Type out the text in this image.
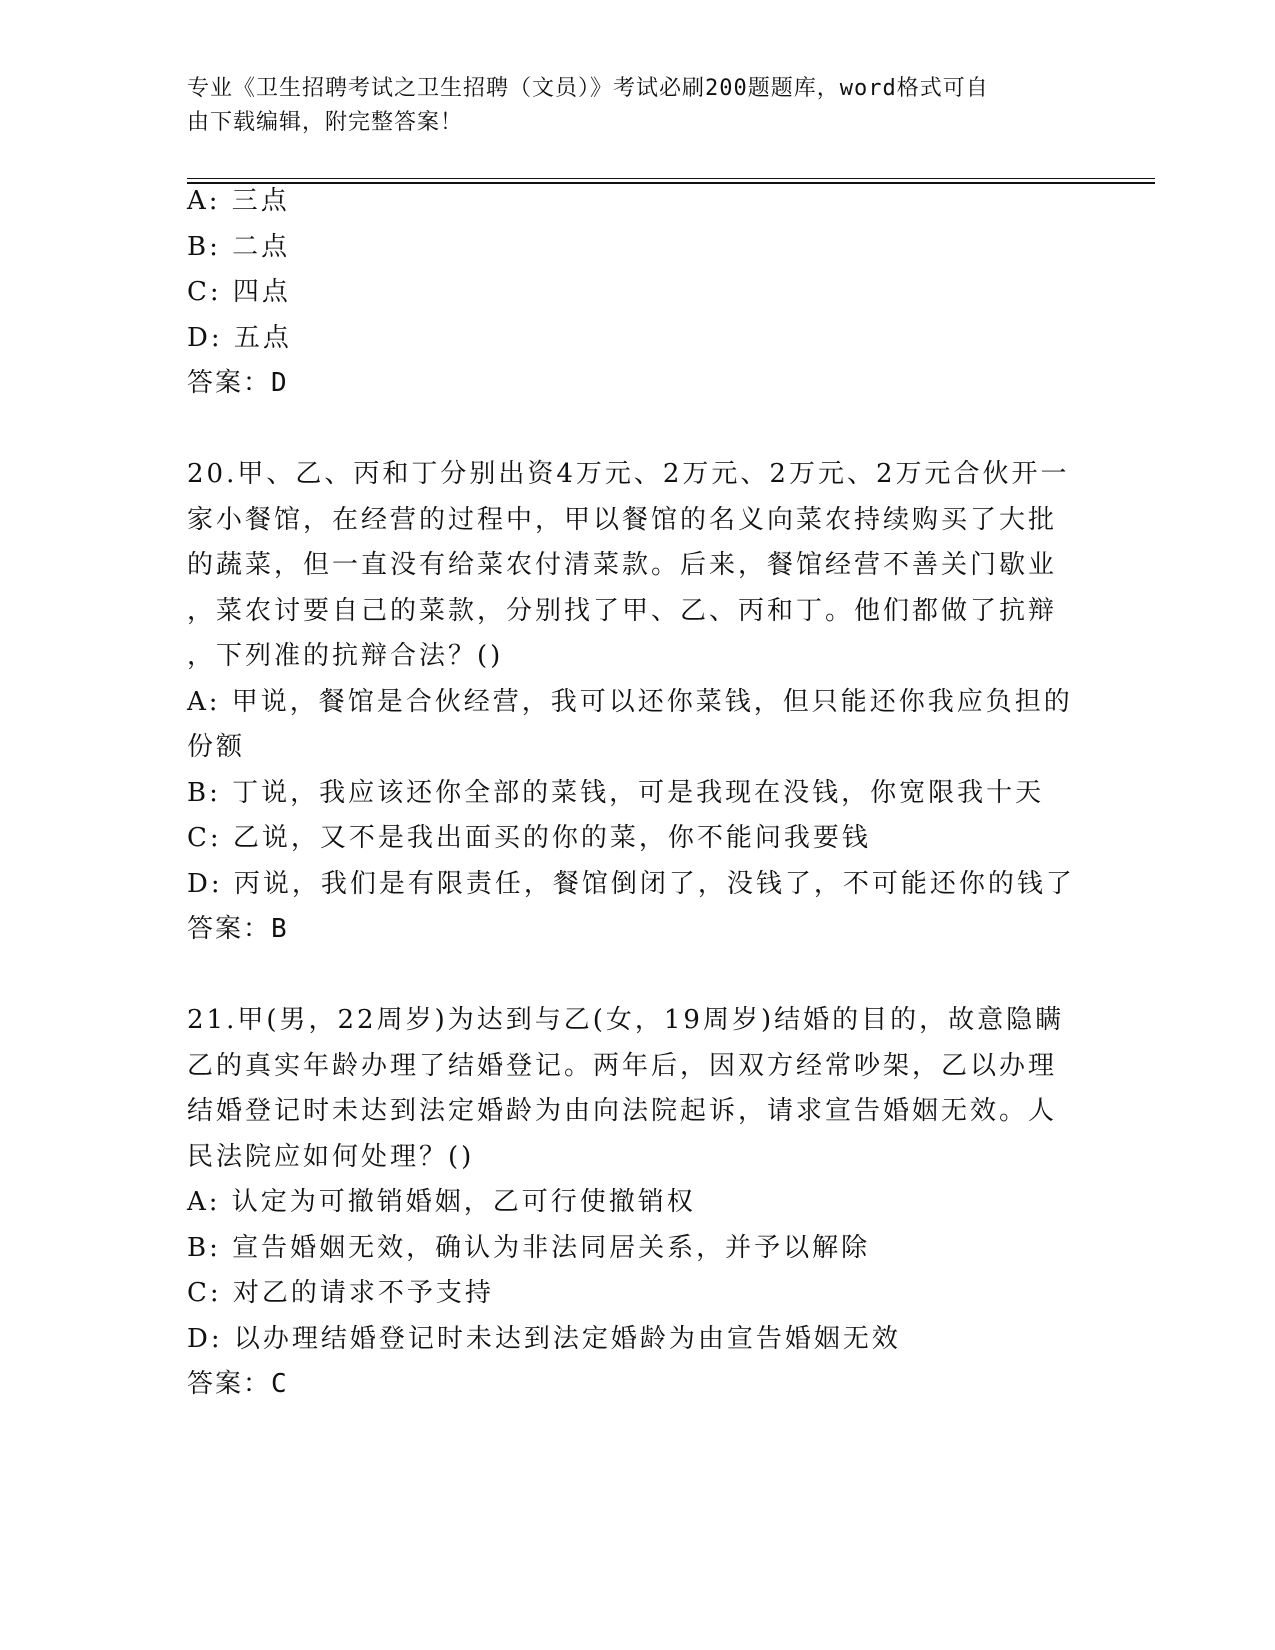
专业《卫生招聘考试之卫生招聘（文员）》考试必刷200题题库，word格式可自
由下载编辑，附完整答案！
A: 三点
B: 二点
C: 四点
D: 五点
答案：D
20.甲、乙、丙和丁分别出资4万元、2万元、2万元、2万元合伙开一
家小餐馆，在经营的过程中，甲以餐馆的名义向菜农持续购买了大批
的蔬菜，但一直没有给菜农付清菜款。后来，餐馆经营不善关门歇业
，菜农讨要自己的菜款，分别找了甲、乙、丙和丁。他们都做了抗辩
，下列准的抗辩合法？()
A: 甲说，餐馆是合伙经营，我可以还你菜钱，但只能还你我应负担的
份额
B: 丁说，我应该还你全部的菜钱，可是我现在没钱，你宽限我十天
C: 乙说，又不是我出面买的你的菜，你不能问我要钱
D: 丙说，我们是有限责任，餐馆倒闭了，没钱了，不可能还你的钱了
答案：B
21.甲(男，22周岁)为达到与乙(女，19周岁)结婚的目的，故意隐瞒
乙的真实年龄办理了结婚登记。两年后，因双方经常吵架，乙以办理
结婚登记时未达到法定婚龄为由向法院起诉，请求宣告婚姻无效。人
民法院应如何处理？()
A: 认定为可撤销婚姻，乙可行使撤销权
B: 宣告婚姻无效，确认为非法同居关系，并予以解除
C: 对乙的请求不予支持
D: 以办理结婚登记时未达到法定婚龄为由宣告婚姻无效
答案：C
